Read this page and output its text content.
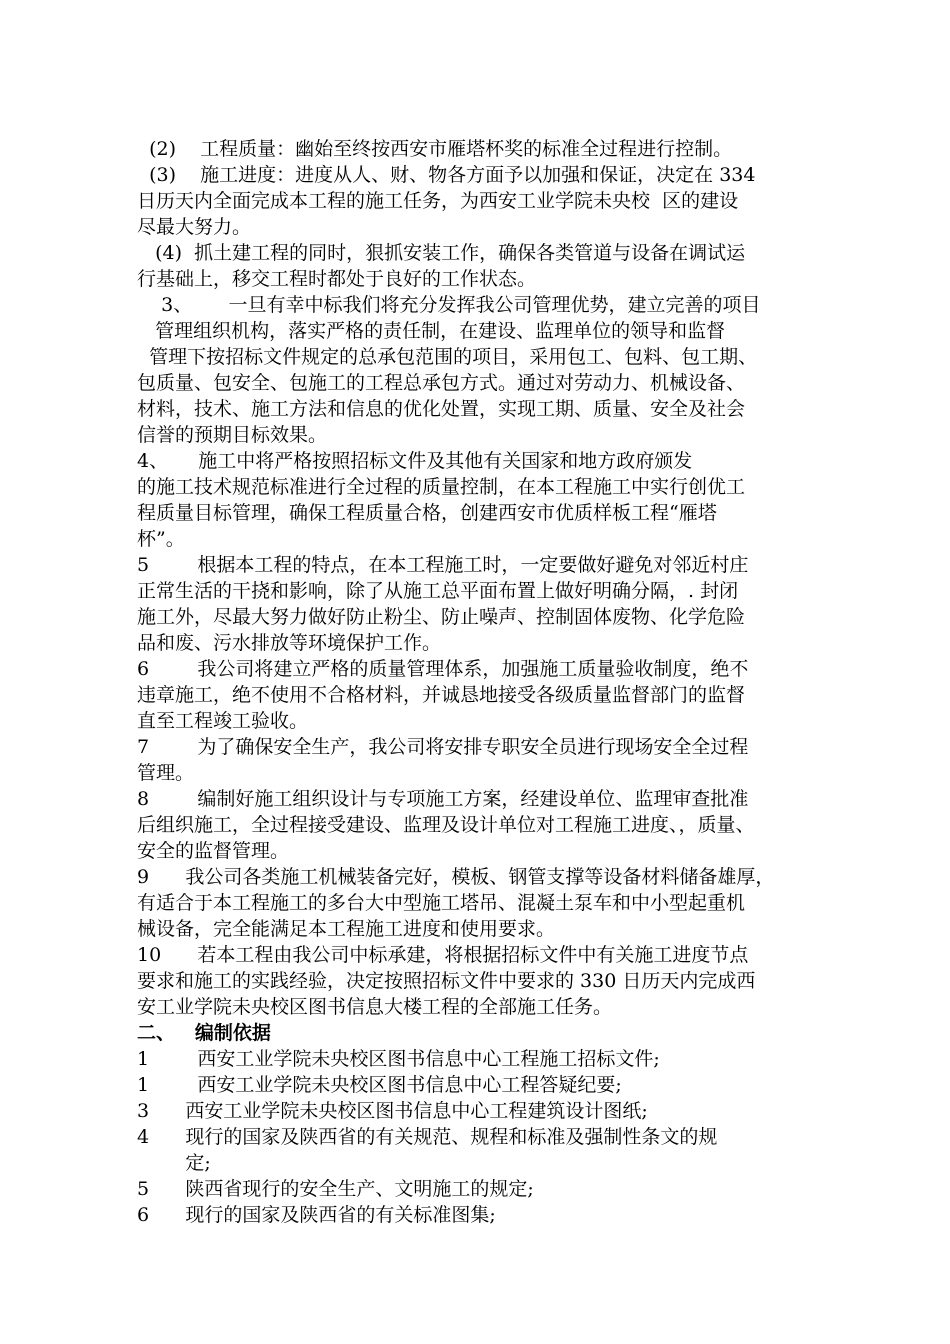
(2)    工程质量：幽始至终按西安市雁塔杯奖的标准全过程进行控制。
(3)    施工进度：进度从人、财、物各方面予以加强和保证，决定在 334
日历天内全面完成本工程的施工任务，为西安工业学院未央校  区的建设
尽最大努力。
(4)  抓土建工程的同时，狠抓安装工作，确保各类管道与设备在调试运
行基础上，移交工程时都处于良好的工作状态。
3、      一旦有幸中标我们将充分发挥我公司管理优势，建立完善的项目
管理组织机构，落实严格的责任制，在建设、监理单位的领导和监督
管理下按招标文件规定的总承包范围的项目，采用包工、包料、包工期、
包质量、包安全、包施工的工程总承包方式。通过对劳动力、机械设备、
材料，技术、施工方法和信息的优化处置，实现工期、质量、安全及社会
信誉的预期目标效果。
4、     施工中将严格按照招标文件及其他有关国家和地方政府颁发
的施工技术规范标准进行全过程的质量控制，在本工程施工中实行创优工
程质量目标管理，确保工程质量合格，创建西安市优质样板工程“雁塔
杯”。
5        根据本工程的特点，在本工程施工时，一定要做好避免对邻近村庄
正常生活的干挠和影响，除了从施工总平面布置上做好明确分隔，. 封闭
施工外，尽最大努力做好防止粉尘、防止噪声、控制固体废物、化学危险
品和废、污水排放等环境保护工作。
6        我公司将建立严格的质量管理体系，加强施工质量验收制度，绝不
违章施工，绝不使用不合格材料，并诚恳地接受各级质量监督部门的监督
直至工程竣工验收。
7        为了确保安全生产，我公司将安排专职安全员进行现场安全全过程
管理。
8        编制好施工组织设计与专项施工方案，经建设单位、监理审查批准
后组织施工，全过程接受建设、监理及设计单位对工程施工进度、，质量、
安全的监督管理。
9      我公司各类施工机械装备完好，模板、钢管支撑等设备材料储备雄厚，
有适合于本工程施工的多台大中型施工塔吊、混凝土泵车和中小型起重机
械设备，完全能满足本工程施工进度和使用要求。
10      若本工程由我公司中标承建，将根据招标文件中有关施工进度节点
要求和施工的实践经验，决定按照招标文件中要求的 330 日历天内完成西
安工业学院未央校区图书信息大楼工程的全部施工任务。
二、   编制依据
1        西安工业学院未央校区图书信息中心工程施工招标文件;
1        西安工业学院未央校区图书信息中心工程答疑纪要;
3      西安工业学院未央校区图书信息中心工程建筑设计图纸;
4      现行的国家及陕西省的有关规范、规程和标准及强制性条文的规
定;
5      陕西省现行的安全生产、文明施工的规定;
6      现行的国家及陕西省的有关标准图集;
